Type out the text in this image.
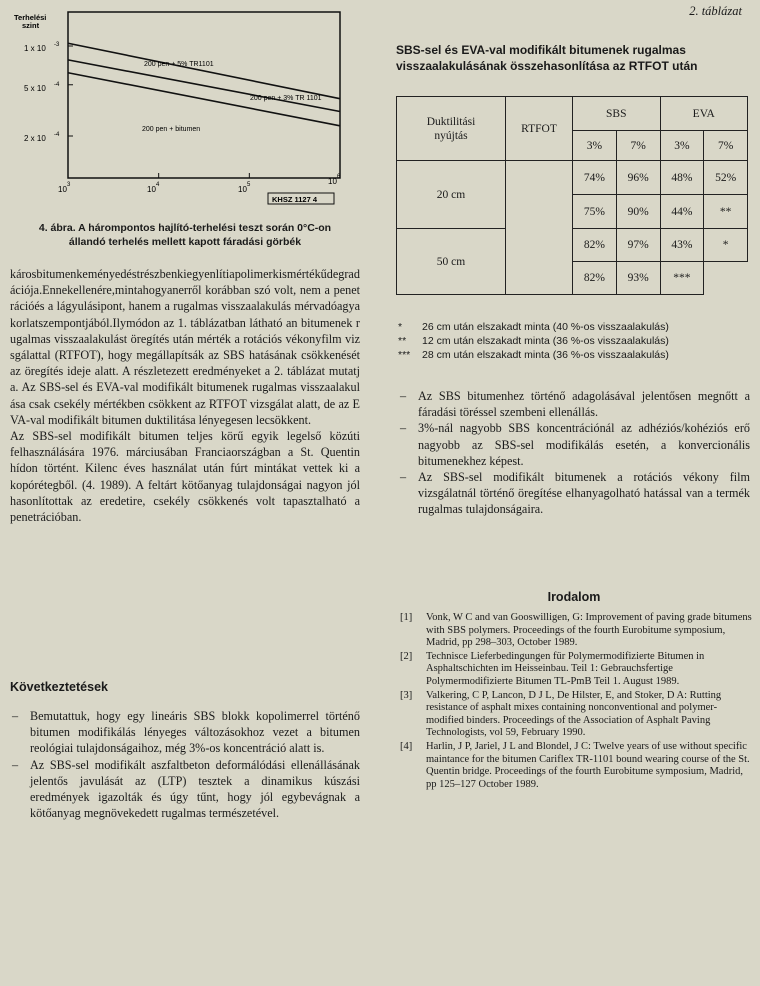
2. táblázat
Terhelési
szint
1 x 10 -3
5 x 10 -4
2 x 10 -4
10 3	10 4	10 5	10 6
KHSZ 1127 4
200 pen + 5% TR1101
200 pen + 3% TR 1101
200 pen + bitumen
4. ábra. A hárompontos hajlító-terhelési teszt során 0°C-on
állandó terhelés mellett kapott fáradási görbék

károsbitumenkeményedéstrészbenkiegyenlítiapolimerkismértékűdegradációja.Ennekellenére,mintahogyanerről korábban szó volt, nem a penetrációés a lágyulásipont, hanem a rugalmas visszaalakulás mérvadóagyakorlatszempontjából.Ilymódon az 1. táblázatban látható an bitumenek rugalmas visszaalakulást öregítés után mérték a rotációs vékonyfilm vizsgálattal (RTFOT), hogy megállapítsák az SBS hatásának csökkenését az öregítés ideje alatt. A részletezett eredményeket a 2. táblázat mutatja. Az SBS-sel és EVA-val modifikált bitumenek rugalmas visszaalakulása csak csekély mértékben csökkent az RTFOT vizsgálat alatt, de az EVA-val modifikált bitumen duktilitása lényegesen lecsökkent.

Az SBS-sel modifikált bitumen teljes körű egyik legelső közúti felhasználására 1976. márciusában Franciaországban a St. Quentin hídon történt. Kilenc éves használat után fúrt mintákat vettek ki a kopórétegből. (4. 1989). A feltárt kötőanyag tulajdonságai nagyon jól hasonlítottak az eredetire, csekély csökkenés volt tapasztalható a penetrációban.

Következtetések
– Bemutattuk, hogy egy lineáris SBS blokk kopolimerrel történő bitumen modifikálás lényeges változásokhoz vezet a bitumen reológiai tulajdonságaihoz, még 3%-os koncentráció alatt is.
– Az SBS-sel modifikált aszfaltbeton deformálódási ellenállásának jelentős javulását az (LTP) tesztek a dinamikus kúszási eredmények igazolták és úgy tűnt, hogy jól egybevágnak a kötőanyag megnövekedett rugalmas természetével.
SBS-sel és EVA-val modifikált bitumenek rugalmas
visszaalakulásának összehasonlítása az RTFOT után
Duktilitási
nyújtás	RTFOT	SBS		EVA	
		3%	7%	3%	7%
20 cm		74%	96%	48%	52%
		75%	90%	44%	**
50 cm		82%	97%	43%	*
		82%	93%	***	
*	26 cm után elszakadt minta (40 %-os visszaalakulás)
**	12 cm után elszakadt minta (36 %-os visszaalakulás)
***	28 cm után elszakadt minta (36 %-os visszaalakulás)
– Az SBS bitumenhez történő adagolásával jelentősen megnőtt a fáradási töréssel szembeni ellenállás.
– 3%-nál nagyobb SBS koncentrációnál az adhéziós/kohéziós erő nagyobb az SBS-sel modifikálás esetén, a konvercionális bitumenekhez képest.
– Az SBS-sel modifikált bitumenek a rotációs vékony film vizsgálatnál történő öregítése elhanyagolható hatással van a termék rugalmas tulajdonságaira.
Irodalom
[1] Vonk, W C and van Gooswilligen, G: Improvement of paving grade bitumens with SBS polymers. Proceedings of the fourth Eurobitume symposium, Madrid, pp 298–303, October 1989.
[2] Technisce Lieferbedingungen für Polymermodifizierte Bitumen in Asphaltschichten im Heisseinbau. Teil 1: Gebrauchsfertige Polymermodifizierte Bitumen TL-PmB Teil 1. August 1989.
[3] Valkering, C P, Lancon, D J L, De Hilster, E, and Stoker, D A: Rutting resistance of asphalt mixes containing nonconventional and polymer-modified binders. Proceedings of the Association of Asphalt Paving Technologists, vol 59, February 1990.
[4] Harlin, J P, Jariel, J L and Blondel, J C: Twelve years of use without specific maintance for the bitumen Cariflex TR-1101 bound wearing course of the St. Quentin bridge. Proceedings of the fourth Eurobitume symposium, Madrid, pp 125–127 October 1989.
